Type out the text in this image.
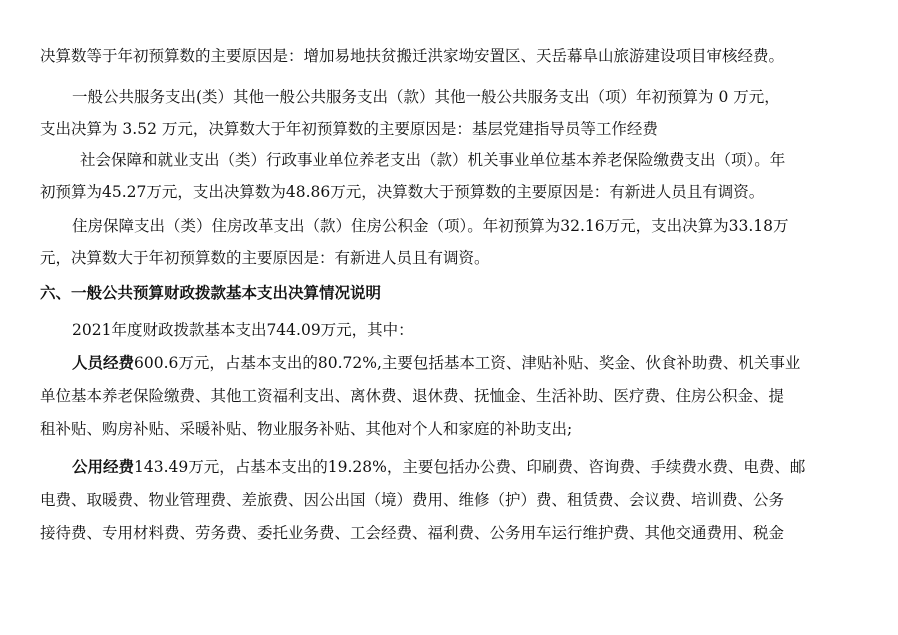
决算数等于年初预算数的主要原因是：增加易地扶贫搬迁洪家坳安置区、天岳幕阜山旅游建设项目审核经费。
一般公共服务支出(类）其他一般公共服务支出（款）其他一般公共服务支出（项）年初预算为 0 万元，
支出决算为 3.52 万元，决算数大于年初预算数的主要原因是：基层党建指导员等工作经费
社会保障和就业支出（类）行政事业单位养老支出（款）机关事业单位基本养老保险缴费支出（项）。年
初预算为45.27万元，支出决算数为48.86万元，决算数大于预算数的主要原因是：有新进人员且有调资。
住房保障支出（类）住房改革支出（款）住房公积金（项）。年初预算为32.16万元，支出决算为33.18万
元，决算数大于年初预算数的主要原因是：有新进人员且有调资。
六、一般公共预算财政拨款基本支出决算情况说明
2021年度财政拨款基本支出744.09万元，其中：
人员经费600.6万元，占基本支出的80.72%,主要包括基本工资、津贴补贴、奖金、伙食补助费、机关事业
单位基本养老保险缴费、其他工资福利支出、离休费、退休费、抚恤金、生活补助、医疗费、住房公积金、提
租补贴、购房补贴、采暖补贴、物业服务补贴、其他对个人和家庭的补助支出;
公用经费143.49万元，占基本支出的19.28%，主要包括办公费、印刷费、咨询费、手续费水费、电费、邮
电费、取暖费、物业管理费、差旅费、因公出国（境）费用、维修（护）费、租赁费、会议费、培训费、公务
接待费、专用材料费、劳务费、委托业务费、工会经费、福利费、公务用车运行维护费、其他交通费用、税金
